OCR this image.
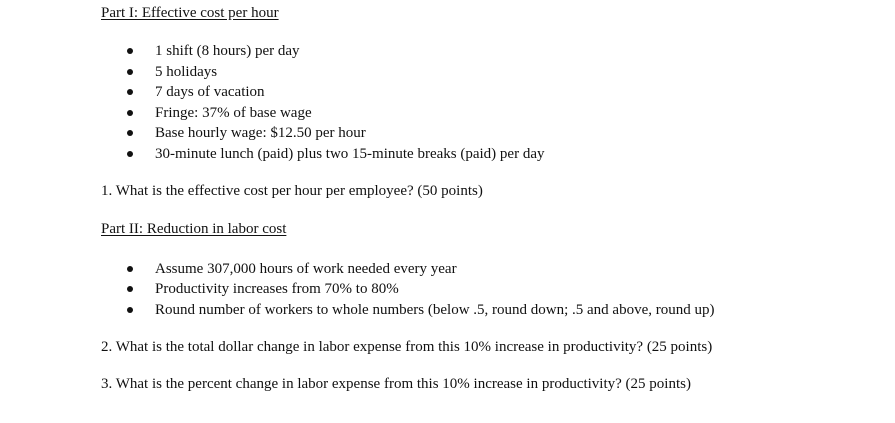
Part I: Effective cost per hour
1 shift (8 hours) per day
5 holidays
7 days of vacation
Fringe: 37% of base wage
Base hourly wage: $12.50 per hour
30-minute lunch (paid) plus two 15-minute breaks (paid) per day
1. What is the effective cost per hour per employee? (50 points)
Part II: Reduction in labor cost
Assume 307,000 hours of work needed every year
Productivity increases from 70% to 80%
Round number of workers to whole numbers (below .5, round down; .5 and above, round up)
2. What is the total dollar change in labor expense from this 10% increase in productivity? (25 points)
3. What is the percent change in labor expense from this 10% increase in productivity? (25 points)
